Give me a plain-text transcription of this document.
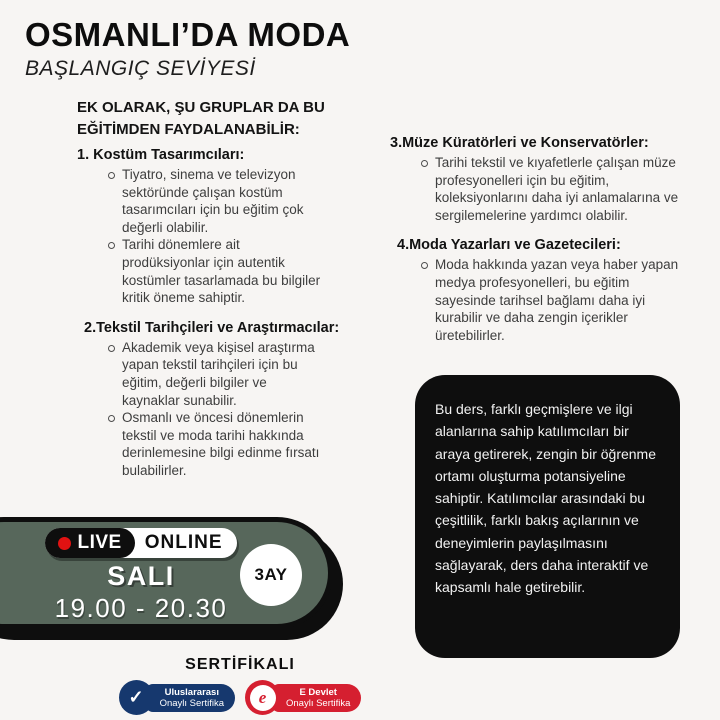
OSMANLI’DA MODA
BAŞLANGIÇ SEVİYESİ
EK OLARAK, ŞU GRUPLAR DA BU EĞİTİMDEN FAYDALANABİLİR:
1. Kostüm Tasarımcıları:
Tiyatro, sinema ve televizyon sektöründe çalışan kostüm tasarımcıları için bu eğitim çok değerli olabilir.
Tarihi dönemlere ait prodüksiyonlar için autentik kostümler tasarlamada bu bilgiler kritik öneme sahiptir.
2.Tekstil Tarihçileri ve Araştırmacılar:
Akademik veya kişisel araştırma yapan tekstil tarihçileri için bu eğitim, değerli bilgiler ve kaynaklar sunabilir.
Osmanlı ve öncesi dönemlerin tekstil ve moda tarihi hakkında derinlemesine bilgi edinme fırsatı bulabilirler.
3.Müze Küratörleri ve Konservatörler:
Tarihi tekstil ve kıyafetlerle çalışan müze profesyonelleri için bu eğitim, koleksiyonlarını daha iyi anlamalarına ve sergilemelerine yardımcı olabilir.
4.Moda Yazarları ve Gazetecileri:
Moda hakkında yazan veya haber yapan medya profesyonelleri, bu eğitim sayesinde tarihsel bağlamı daha iyi kurabilir ve daha zengin içerikler üretebilirler.

Bu ders, farklı geçmişlere ve ilgi alanlarına sahip katılımcıları bir araya getirerek, zengin bir öğrenme ortamı oluşturma potansiyeline sahiptir. Katılımcılar arasındaki bu çeşitlilik, farklı bakış açılarının ve deneyimlerin paylaşılmasını sağlayarak, ders daha interaktif ve kapsamlı hale getirebilir.

LIVE	ONLINE
SALI
19.00 - 20.30
3AY
SERTİFİKALI
✓	Uluslararası
Onaylı Sertifika e	E Devlet
Onaylı Sertifika
